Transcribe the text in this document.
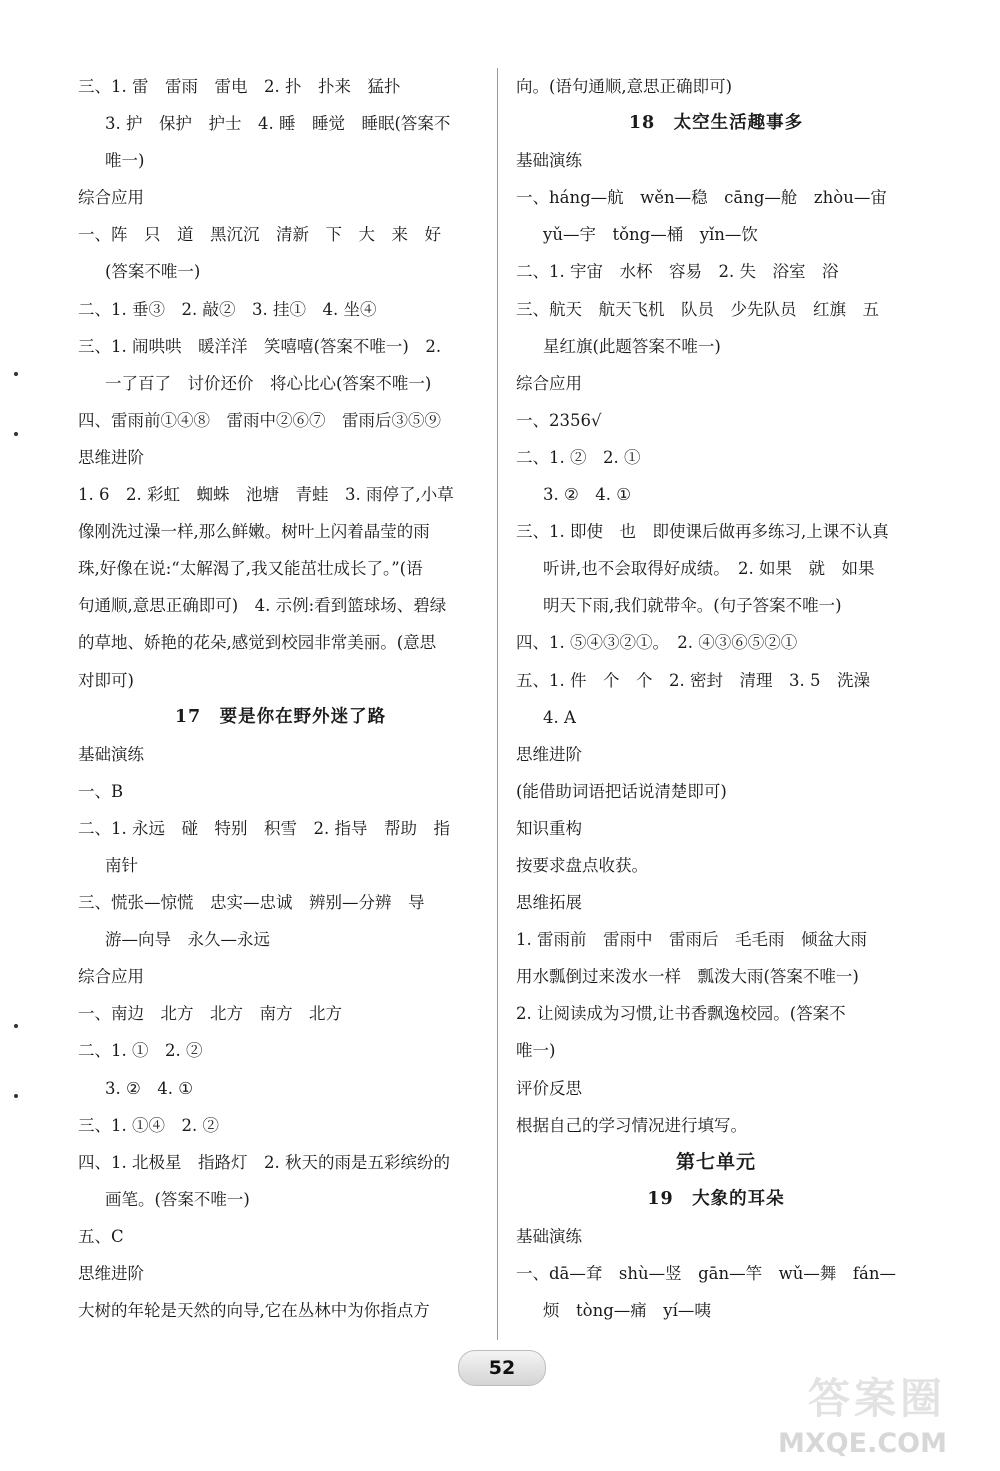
三、1. 雷　雷雨　雷电　2. 扑　扑来　猛扑
3. 护　保护　护士　4. 睡　睡觉　睡眠(答案不
唯一)
综合应用
一、阵　只　道　黑沉沉　清新　下　大　来　好
(答案不唯一)
二、1. 垂③　2. 敲②　3. 挂①　4. 坐④
三、1. 闹哄哄　暖洋洋　笑嘻嘻(答案不唯一)　2.
一了百了　讨价还价　将心比心(答案不唯一)
四、雷雨前①④⑧　雷雨中②⑥⑦　雷雨后③⑤⑨
思维进阶
1. 6　2. 彩虹　蜘蛛　池塘　青蛙　3. 雨停了,小草
像刚洗过澡一样,那么鲜嫩。树叶上闪着晶莹的雨
珠,好像在说:“太解渴了,我又能茁壮成长了。”(语
句通顺,意思正确即可)　4. 示例:看到篮球场、碧绿
的草地、娇艳的花朵,感觉到校园非常美丽。(意思
对即可)
17　要是你在野外迷了路
基础演练
一、B
二、1. 永远　碰　特别　积雪　2. 指导　帮助　指
南针
三、慌张—惊慌　忠实—忠诚　辨别—分辨　导
游—向导　永久—永远
综合应用
一、南边　北方　北方　南方　北方
二、1. ①　2. ②
3. ②　4. ①
三、1. ①④　2. ②
四、1. 北极星　指路灯　2. 秋天的雨是五彩缤纷的
画笔。(答案不唯一)
五、C
思维进阶
大树的年轮是天然的向导,它在丛林中为你指点方
向。(语句通顺,意思正确即可)
18　太空生活趣事多
基础演练
一、háng—航　wěn—稳　cāng—舱　zhòu—宙
yǔ—宇　tǒng—桶　yǐn—饮
二、1. 宇宙　水杯　容易　2. 失　浴室　浴
三、航天　航天飞机　队员　少先队员　红旗　五
星红旗(此题答案不唯一)
综合应用
一、2356√
二、1. ②　2. ①
3. ②　4. ①
三、1. 即使　也　即使课后做再多练习,上课不认真
听讲,也不会取得好成绩。　2. 如果　就　如果
明天下雨,我们就带伞。(句子答案不唯一)
四、1. ⑤④③②①。　2. ④③⑥⑤②①
五、1. 件　个　个　2. 密封　清理　3. 5　洗澡
4. A
思维进阶
(能借助词语把话说清楚即可)
知识重构
按要求盘点收获。
思维拓展
1. 雷雨前　雷雨中　雷雨后　毛毛雨　倾盆大雨
用水瓢倒过来泼水一样　瓢泼大雨(答案不唯一)
2. 让阅读成为习惯,让书香飘逸校园。(答案不
唯一)
评价反思
根据自己的学习情况进行填写。
第七单元
19　大象的耳朵
基础演练
一、dā—耷　shù—竖　gān—竿　wǔ—舞　fán—
烦　tòng—痛　yí—咦
52
答案圈
MXQE.COM
